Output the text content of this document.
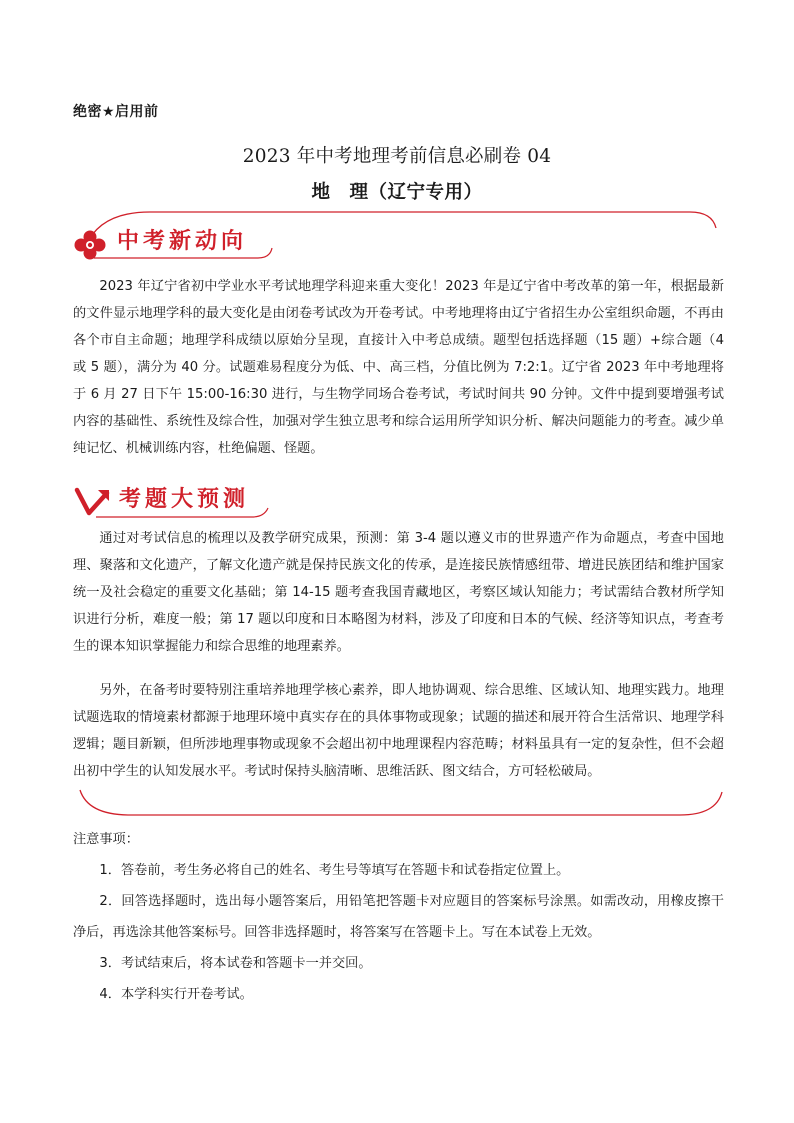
绝密★启用前
2023 年中考地理考前信息必刷卷 04
地　理（辽宁专用）
中考新动向

2023 年辽宁省初中学业水平考试地理学科迎来重大变化！2023 年是辽宁省中考改革的第一年，根据最新的文件显示地理学科的最大变化是由闭卷考试改为开卷考试。中考地理将由辽宁省招生办公室组织命题，不再由各个市自主命题；地理学科成绩以原始分呈现，直接计入中考总成绩。题型包括选择题（15 题）+综合题（4 或 5 题），满分为 40 分。试题难易程度分为低、中、高三档，分值比例为 7:2:1。辽宁省 2023 年中考地理将于 6 月 27 日下午 15:00-16:30 进行，与生物学同场合卷考试，考试时间共 90 分钟。文件中提到要增强考试内容的基础性、系统性及综合性，加强对学生独立思考和综合运用所学知识分析、解决问题能力的考查。减少单纯记忆、机械训练内容，杜绝偏题、怪题。

考题大预测

通过对考试信息的梳理以及教学研究成果，预测：第 3-4 题以遵义市的世界遗产作为命题点，考查中国地理、聚落和文化遗产，了解文化遗产就是保持民族文化的传承，是连接民族情感纽带、增进民族团结和维护国家统一及社会稳定的重要文化基础；第 14-15 题考查我国青藏地区，考察区域认知能力；考试需结合教材所学知识进行分析，难度一般；第 17 题以印度和日本略图为材料，涉及了印度和日本的气候、经济等知识点，考查考生的课本知识掌握能力和综合思维的地理素养。

另外，在备考时要特别注重培养地理学核心素养，即人地协调观、综合思维、区域认知、地理实践力。地理试题选取的情境素材都源于地理环境中真实存在的具体事物或现象；试题的描述和展开符合生活常识、地理学科逻辑；题目新颖，但所涉地理事物或现象不会超出初中地理课程内容范畴；材料虽具有一定的复杂性，但不会超出初中学生的认知发展水平。考试时保持头脑清晰、思维活跃、图文结合，方可轻松破局。

注意事项：
1．答卷前，考生务必将自己的姓名、考生号等填写在答题卡和试卷指定位置上。
2．回答选择题时，选出每小题答案后，用铅笔把答题卡对应题目的答案标号涂黑。如需改动，用橡皮擦干净后，再选涂其他答案标号。回答非选择题时，将答案写在答题卡上。写在本试卷上无效。
3．考试结束后，将本试卷和答题卡一并交回。
4．本学科实行开卷考试。
